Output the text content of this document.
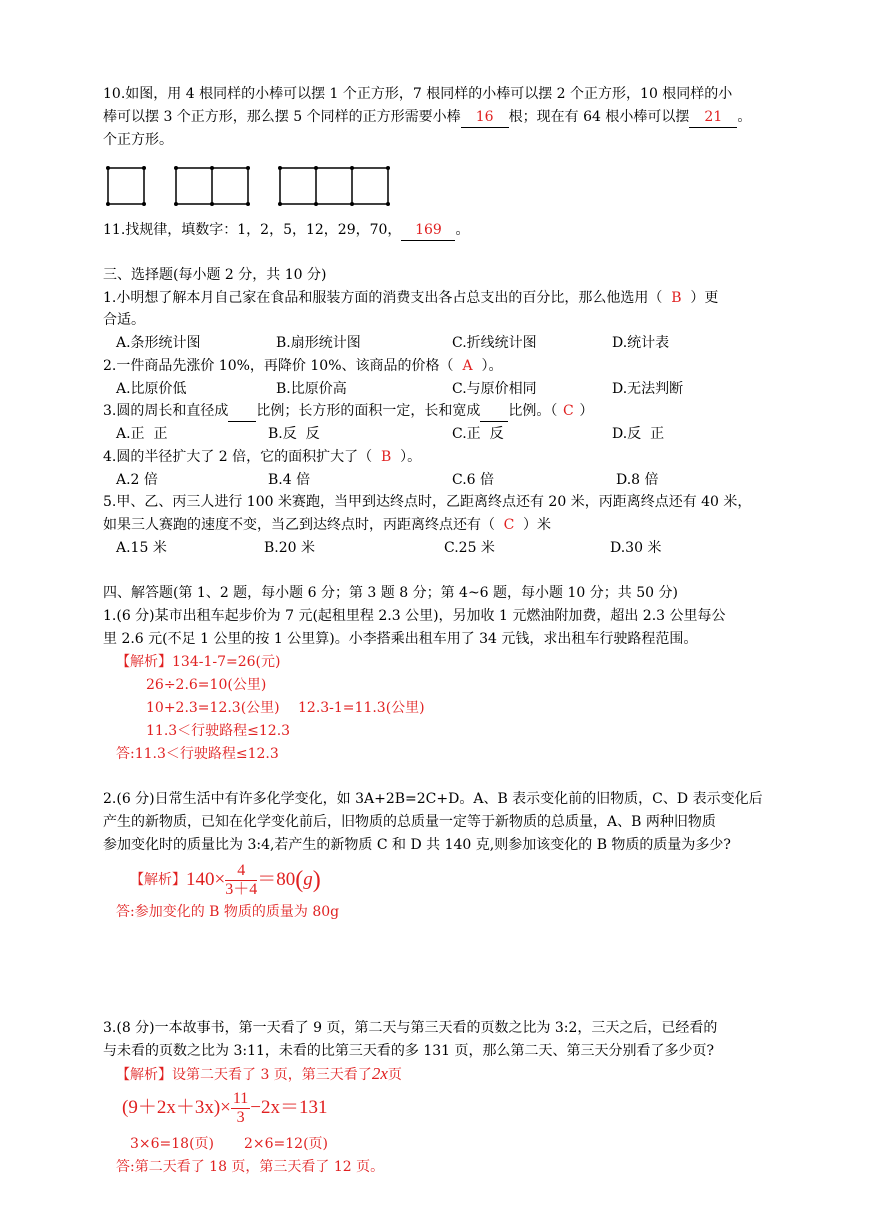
10.如图，用 4 根同样的小棒可以摆 1 个正方形，7 根同样的小棒可以摆 2 个正方形，10 根同样的小
棒可以摆 3 个正方形，那么摆 5 个同样的正方形需要小棒 16 根；现在有 64 根小棒可以摆 21 。
个正方形。
11.找规律，填数字：1，2，5，12，29，70， 169 。
三、选择题(每小题 2 分，共 10 分)
1.小明想了解本月自己家在食品和服装方面的消费支出各占总支出的百分比，那么他选用（ B ）更
合适。
A.条形统计图	B.扇形统计图	C.折线统计图	D.统计表
2.一件商品先涨价 10%，再降价 10%、该商品的价格（ A ）。
A.比原价低	B.比原价高	C.与原价相同	D.无法判断
3.圆的周长和直径成 比例；长方形的面积一定，长和宽成 比例。（ C ）
A.正  正	B.反  反	C.正  反	D.反  正
4.圆的半径扩大了 2 倍，它的面积扩大了（ B ）。
A.2 倍	B.4 倍	C.6 倍	D.8 倍
5.甲、乙、丙三人进行 100 米赛跑，当甲到达终点时，乙距离终点还有 20 米，丙距离终点还有 40 米，
如果三人赛跑的速度不变，当乙到达终点时，丙距离终点还有（ C ）米
A.15 米	B.20 米	C.25 米	D.30 米
四、解答题(第 1、2 题，每小题 6 分；第 3 题 8 分；第 4~6 题，每小题 10 分；共 50 分)
1.(6 分)某市出租车起步价为 7 元(起租里程 2.3 公里)，另加收 1 元燃油附加费，超出 2.3 公里每公
里 2.6 元(不足 1 公里的按 1 公里算)。小李搭乘出租车用了 34 元钱，求出租车行驶路程范围。
【解析】134-1-7=26(元)
26÷2.6=10(公里)
10+2.3=12.3(公里) 12.3-1=11.3(公里)
11.3＜行驶路程≤12.3
答:11.3＜行驶路程≤12.3
2.(6 分)日常生活中有许多化学变化，如 3A+2B=2C+D。A、B 表示变化前的旧物质，C、D 表示变化后
产生的新物质，已知在化学变化前后，旧物质的总质量一定等于新物质的总质量，A、B 两种旧物质
参加变化时的质量比为 3:4,若产生的新物质 C 和 D 共 140 克,则参加该变化的 B 物质的质量为多少?
【解析】$140\times \frac{4}{3+4} =80(g)$
答:参加变化的 B 物质的质量为 80g
3.(8 分)一本故事书，第一天看了 9 页，第二天与第三天看的页数之比为 3:2，三天之后，已经看的
与未看的页数之比为 3:11，未看的比第三天看的多 131 页，那么第二天、第三天分别看了多少页?
【解析】设第二天看了 3 页，第三天看了2x页
$(9+2x+3x)\times \frac{11}{3} -2x=131$
3×6=18(页) 2×6=12(页)
答:第二天看了 18 页，第三天看了 12 页。
